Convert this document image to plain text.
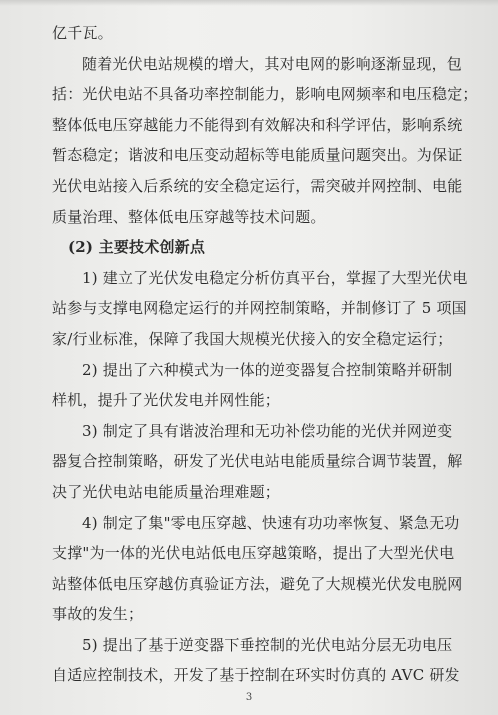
亿千瓦。

随着光伏电站规模的增大，其对电网的影响逐渐显现，包

括：光伏电站不具备功率控制能力，影响电网频率和电压稳定；

整体低电压穿越能力不能得到有效解决和科学评估，影响系统

暂态稳定；谐波和电压变动超标等电能质量问题突出。为保证

光伏电站接入后系统的安全稳定运行，需突破并网控制、电能

质量治理、整体低电压穿越等技术问题。

(2) 主要技术创新点

1) 建立了光伏发电稳定分析仿真平台，掌握了大型光伏电

站参与支撑电网稳定运行的并网控制策略，并制修订了 5 项国

家/行业标准，保障了我国大规模光伏接入的安全稳定运行；

2) 提出了六种模式为一体的逆变器复合控制策略并研制

样机，提升了光伏发电并网性能；

3) 制定了具有谐波治理和无功补偿功能的光伏并网逆变

器复合控制策略，研发了光伏电站电能质量综合调节装置，解

决了光伏电站电能质量治理难题；

4) 制定了集"零电压穿越、快速有功功率恢复、紧急无功

支撑"为一体的光伏电站低电压穿越策略，提出了大型光伏电

站整体低电压穿越仿真验证方法，避免了大规模光伏发电脱网

事故的发生；

5) 提出了基于逆变器下垂控制的光伏电站分层无功电压

自适应控制技术，开发了基于控制在环实时仿真的 AVC 研发

3
